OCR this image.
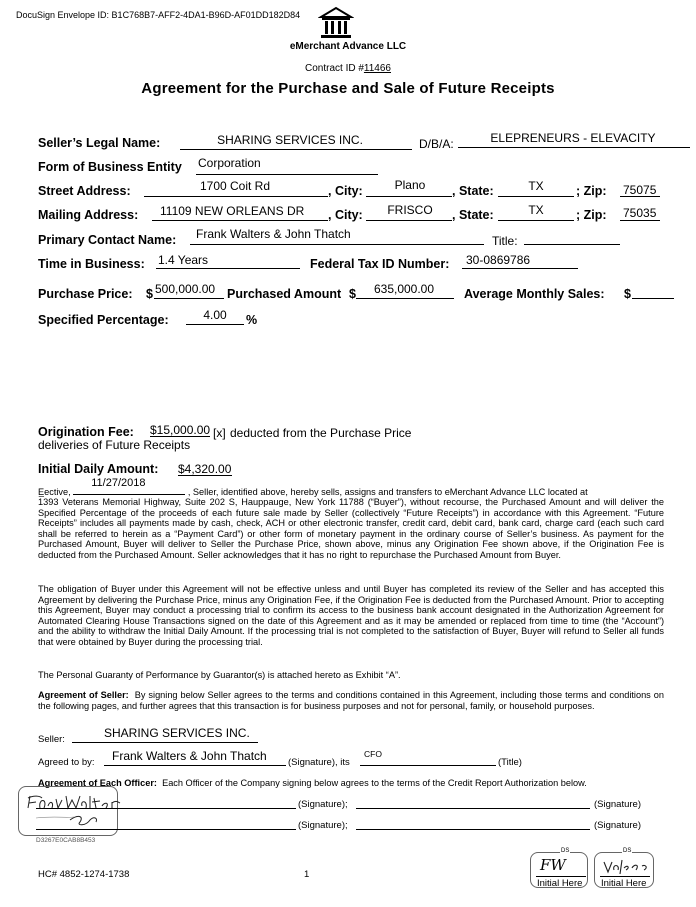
DocuSign Envelope ID: B1C768B7-AFF2-4DA1-B96D-AF01DD182D84
eMerchant Advance LLC
Contract ID #11466
Agreement for the Purchase and Sale of Future Receipts
Seller’s Legal Name:	SHARING SERVICES INC.	D/B/A:	ELEPRENEURS - ELEVACITY
Form of Business Entity Corporation
Street Address:	1700 Coit Rd	, City:	Plano	, State:	TX	; Zip: 75075
Mailing Address: 11109 NEW ORLEANS DR , City:	FRISCO	, State:	TX	; Zip: 75035
Primary Contact Name: Frank Walters & John Thatch	Title:
Time in Business: 1.4 Years	Federal Tax ID Number: 30-0869786
Purchase Price: $ 500,000.00 Purchased Amount $	635,000.00	Average Monthly Sales: $
Specified Percentage:	4.00	%
Origination Fee: $15,000.00 [x] deducted from the Purchase Price
deliveries of Future Receipts
Initial Daily Amount: $4,320.00
E̲ective,
11/27/2018
, Seller, identified above, hereby sells, assigns and transfers to eMerchant Advance LLC located at
1393 Veterans Memorial Highway, Suite 202 S, Hauppauge, New York 11788 (“Buyer”), without recourse, the Purchased Amount and will deliver the Specified Percentage of the proceeds of each future sale made by Seller (collectively “Future Receipts”) in accordance with this Agreement. “Future Receipts” includes all payments made by cash, check, ACH or other electronic transfer, credit card, debit card, bank card, charge card (each such card shall be referred to herein as a “Payment Card”) or other form of monetary payment in the ordinary course of Seller’s business. As payment for the Purchased Amount, Buyer will deliver to Seller the Purchase Price, shown above, minus any Origination Fee shown above, if the Origination Fee is deducted from the Purchased Amount. Seller acknowledges that it has no right to repurchase the Purchased Amount from Buyer.
The obligation of Buyer under this Agreement will not be effective unless and until Buyer has completed its review of the Seller and has accepted this Agreement by delivering the Purchase Price, minus any Origination Fee, if the Origination Fee is deducted from the Purchased Amount. Prior to accepting this Agreement, Buyer may conduct a processing trial to confirm its access to the business bank account designated in the Authorization Agreement for Automated Clearing House Transactions signed on the date of this Agreement and as it may be amended or replaced from time to time (the “Account”) and the ability to withdraw the Initial Daily Amount. If the processing trial is not completed to the satisfaction of Buyer, Buyer will refund to Seller all funds that were obtained by Buyer during the processing trial.
The Personal Guaranty of Performance by Guarantor(s) is attached hereto as Exhibit “A”.
Agreement of Seller: By signing below Seller agrees to the terms and conditions contained in this Agreement, including those terms and conditions on the following pages, and further agrees that this transaction is for business purposes and not for personal, family, or household purposes.
Seller:	SHARING SERVICES INC.
Agreed to by: Frank Walters & John Thatch (Signature), its
CFO
(Title)
Agreement of Each Officer: Each Officer of the Company signing below agrees to the terms of the Credit Report Authorization below.
(Signature);	(Signature)
(Signature);	(Signature)
D3267E0CAB8B453
HC# 4852-1274-1738	1
DS
FW
Initial Here
DS
Initial Here
